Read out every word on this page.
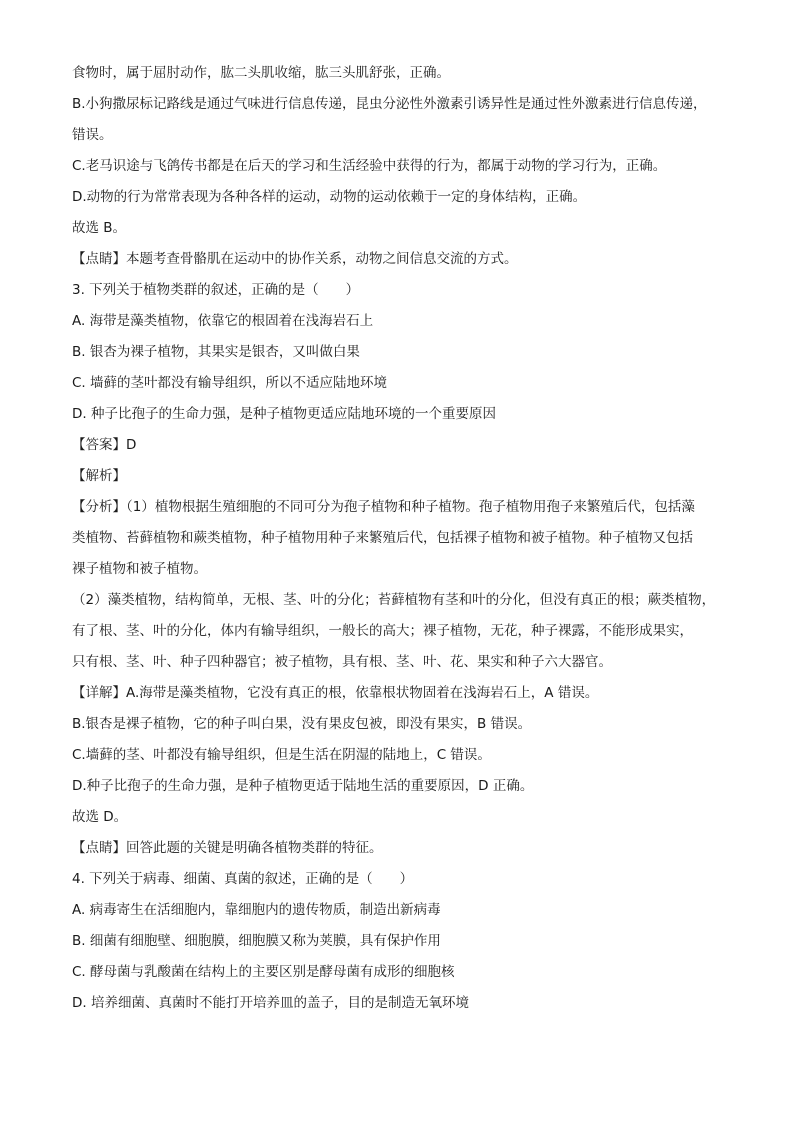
食物时，属于屈肘动作，肱二头肌收缩，肱三头肌舒张，正确。
B.小狗撒尿标记路线是通过气味进行信息传递，昆虫分泌性外激素引诱异性是通过性外激素进行信息传递，
错误。
C.老马识途与飞鸽传书都是在后天的学习和生活经验中获得的行为，都属于动物的学习行为，正确。
D.动物的行为常常表现为各种各样的运动，动物的运动依赖于一定的身体结构，正确。
故选 B。
【点睛】本题考查骨骼肌在运动中的协作关系，动物之间信息交流的方式。
3. 下列关于植物类群的叙述，正确的是（　　）
A. 海带是藻类植物，依靠它的根固着在浅海岩石上
B. 银杏为裸子植物，其果实是银杏，又叫做白果
C. 墙藓的茎叶都没有输导组织，所以不适应陆地环境
D. 种子比孢子的生命力强，是种子植物更适应陆地环境的一个重要原因
【答案】D
【解析】
【分析】（1）植物根据生殖细胞的不同可分为孢子植物和种子植物。孢子植物用孢子来繁殖后代，包括藻
类植物、苔藓植物和蕨类植物，种子植物用种子来繁殖后代，包括裸子植物和被子植物。种子植物又包括
裸子植物和被子植物。
（2）藻类植物，结构简单，无根、茎、叶的分化；苔藓植物有茎和叶的分化，但没有真正的根；蕨类植物，
有了根、茎、叶的分化，体内有输导组织，一般长的高大；裸子植物，无花，种子裸露，不能形成果实，
只有根、茎、叶、种子四种器官；被子植物，具有根、茎、叶、花、果实和种子六大器官。
【详解】A.海带是藻类植物，它没有真正的根，依靠根状物固着在浅海岩石上，A 错误。
B.银杏是裸子植物，它的种子叫白果，没有果皮包被，即没有果实，B 错误。
C.墙藓的茎、叶都没有输导组织，但是生活在阴湿的陆地上，C 错误。
D.种子比孢子的生命力强，是种子植物更适于陆地生活的重要原因，D 正确。
故选 D。
【点睛】回答此题的关键是明确各植物类群的特征。
4. 下列关于病毒、细菌、真菌的叙述，正确的是（　　）
A. 病毒寄生在活细胞内，靠细胞内的遗传物质，制造出新病毒
B. 细菌有细胞壁、细胞膜，细胞膜又称为荚膜，具有保护作用
C. 酵母菌与乳酸菌在结构上的主要区别是酵母菌有成形的细胞核
D. 培养细菌、真菌时不能打开培养皿的盖子，目的是制造无氧环境
